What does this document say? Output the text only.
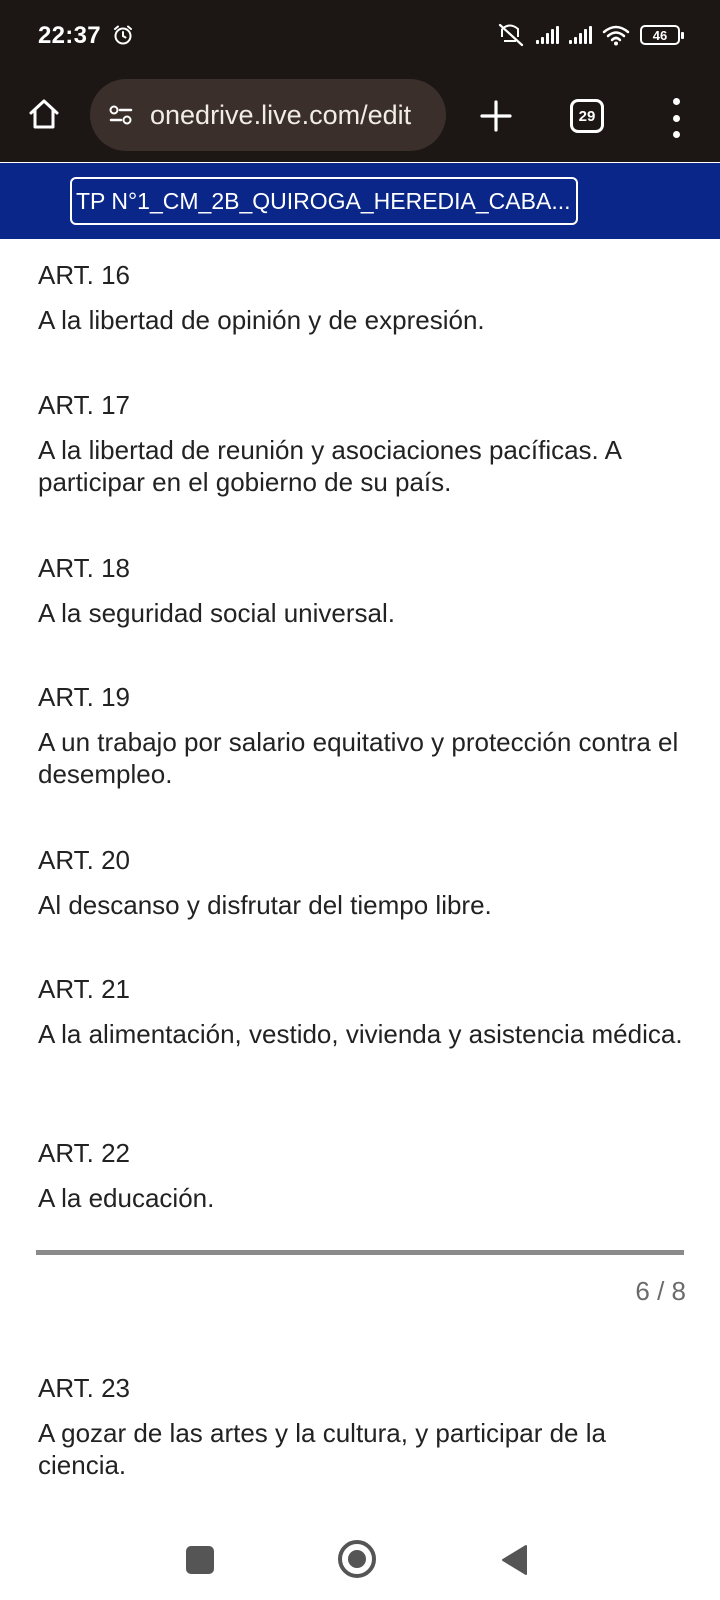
22:37	46
onedrive.live.com/edit	29
TP N°1_CM_2B_QUIROGA_HEREDIA_CABA...
ART. 16
A la libertad de opinión y de expresión.
ART. 17
A la libertad de reunión y asociaciones pacíficas. A participar en el gobierno de su país.
ART. 18
A la seguridad social universal.
ART. 19
A un trabajo por salario equitativo y protección contra el desempleo.
ART. 20
Al descanso y disfrutar del tiempo libre.
ART. 21
A la alimentación, vestido, vivienda y asistencia médica.
ART. 22
A la educación.
6 / 8
ART. 23
A gozar de las artes y la cultura, y participar de la ciencia.
